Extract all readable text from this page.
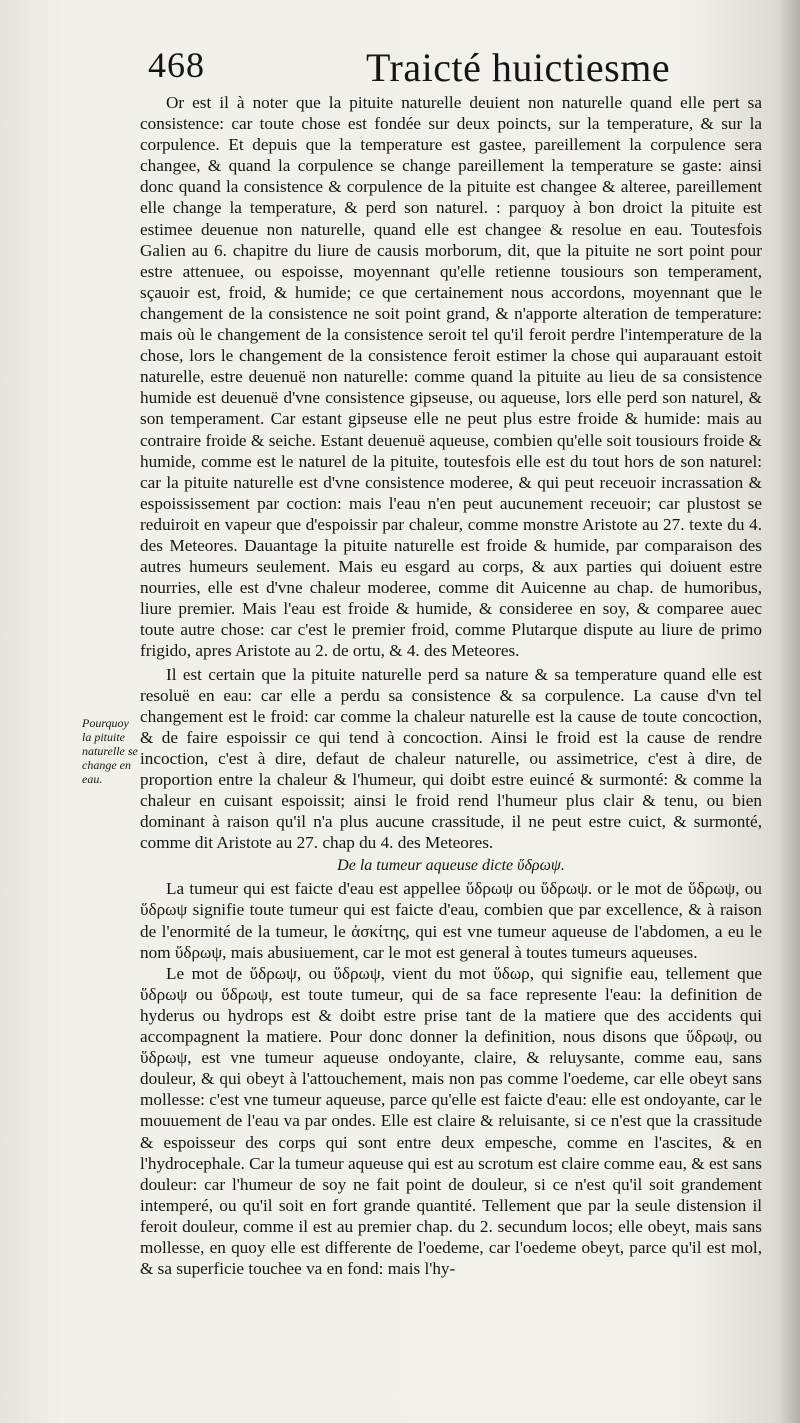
468	Traicté huictiesme
Pourquoy
la pituite
naturelle se
change en
eau.

Or est il à noter que la pituite naturelle deuient non naturelle quand elle pert sa consistence: car toute chose est fondée sur deux poincts, sur la temperature, & sur la corpulence. Et depuis que la temperature est gastee, pareillement la corpulence sera changee, & quand la corpulence se change pareillement la temperature se gaste: ainsi donc quand la consistence & corpulence de la pituite est changee & alteree, pareillement elle change la temperature, & perd son naturel. : parquoy à bon droict la pituite est estimee deuenue non naturelle, quand elle est changee & resolue en eau. Toutesfois Galien au 6. chapitre du liure de causis morborum, dit, que la pituite ne sort point pour estre attenuee, ou espoisse, moyennant qu'elle retienne tousiours son temperament, sçauoir est, froid, & humide; ce que certainement nous accordons, moyennant que le changement de la consistence ne soit point grand, & n'apporte alteration de temperature: mais où le changement de la consistence seroit tel qu'il feroit perdre l'intemperature de la chose, lors le changement de la consistence feroit estimer la chose qui auparauant estoit naturelle, estre deuenuë non naturelle: comme quand la pituite au lieu de sa consistence humide est deuenuë d'vne consistence gipseuse, ou aqueuse, lors elle perd son naturel, & son temperament. Car estant gipseuse elle ne peut plus estre froide & humide: mais au contraire froide & seiche. Estant deuenuë aqueuse, combien qu'elle soit tousiours froide & humide, comme est le naturel de la pituite, toutesfois elle est du tout hors de son naturel: car la pituite naturelle est d'vne consistence moderee, & qui peut receuoir incrassation & espoississement par coction: mais l'eau n'en peut aucunement receuoir; car plustost se reduiroit en vapeur que d'espoissir par chaleur, comme monstre Aristote au 27. texte du 4. des Meteores. Dauantage la pituite naturelle est froide & humide, par comparaison des autres humeurs seulement. Mais eu esgard au corps, & aux parties qui doiuent estre nourries, elle est d'vne chaleur moderee, comme dit Auicenne au chap. de humoribus, liure premier. Mais l'eau est froide & humide, & consideree en soy, & comparee auec toute autre chose: car c'est le premier froid, comme Plutarque dispute au liure de primo frigido, apres Aristote au 2. de ortu, & 4. des Meteores.

Il est certain que la pituite naturelle perd sa nature & sa temperature quand elle est resoluë en eau: car elle a perdu sa consistence & sa corpulence. La cause d'vn tel changement est le froid: car comme la chaleur naturelle est la cause de toute concoction, & de faire espoissir ce qui tend à concoction. Ainsi le froid est la cause de rendre incoction, c'est à dire, defaut de chaleur naturelle, ou assimetrice, c'est à dire, de proportion entre la chaleur & l'humeur, qui doibt estre euincé & surmonté: & comme la chaleur en cuisant espoissit; ainsi le froid rend l'humeur plus clair & tenu, ou bien dominant à raison qu'il n'a plus aucune crassitude, il ne peut estre cuict, & surmonté, comme dit Aristote au 27. chap du 4. des Meteores.

De la tumeur aqueuse dicte ὕδρωψ.

La tumeur qui est faicte d'eau est appellee ὕδρωψ ou ὕδρωψ. or le mot de ὕδρωψ, ou ὕδρωψ signifie toute tumeur qui est faicte d'eau, combien que par excellence, & à raison de l'enormité de la tumeur, le ἀσκίτης, qui est vne tumeur aqueuse de l'abdomen, a eu le nom ὕδρωψ, mais abusiuement, car le mot est general à toutes tumeurs aqueuses.

Le mot de ὕδρωψ, ou ὕδρωψ, vient du mot ὕδωρ, qui signifie eau, tellement que ὕδρωψ ou ὕδρωψ, est toute tumeur, qui de sa face represente l'eau: la definition de hyderus ou hydrops est & doibt estre prise tant de la matiere que des accidents qui accompagnent la matiere. Pour donc donner la definition, nous disons que ὕδρωψ, ou ὕδρωψ, est vne tumeur aqueuse ondoyante, claire, & reluysante, comme eau, sans douleur, & qui obeyt à l'attouchement, mais non pas comme l'oedeme, car elle obeyt sans mollesse: c'est vne tumeur aqueuse, parce qu'elle est faicte d'eau: elle est ondoyante, car le mouuement de l'eau va par ondes. Elle est claire & reluisante, si ce n'est que la crassitude & espoisseur des corps qui sont entre deux empesche, comme en l'ascites, & en l'hydrocephale. Car la tumeur aqueuse qui est au scrotum est claire comme eau, & est sans douleur: car l'humeur de soy ne fait point de douleur, si ce n'est qu'il soit grandement intemperé, ou qu'il soit en fort grande quantité. Tellement que par la seule distension il feroit douleur, comme il est au premier chap. du 2. secundum locos; elle obeyt, mais sans mollesse, en quoy elle est differente de l'oedeme, car l'oedeme obeyt, parce qu'il est mol, & sa superficie touchee va en fond: mais l'hy-
